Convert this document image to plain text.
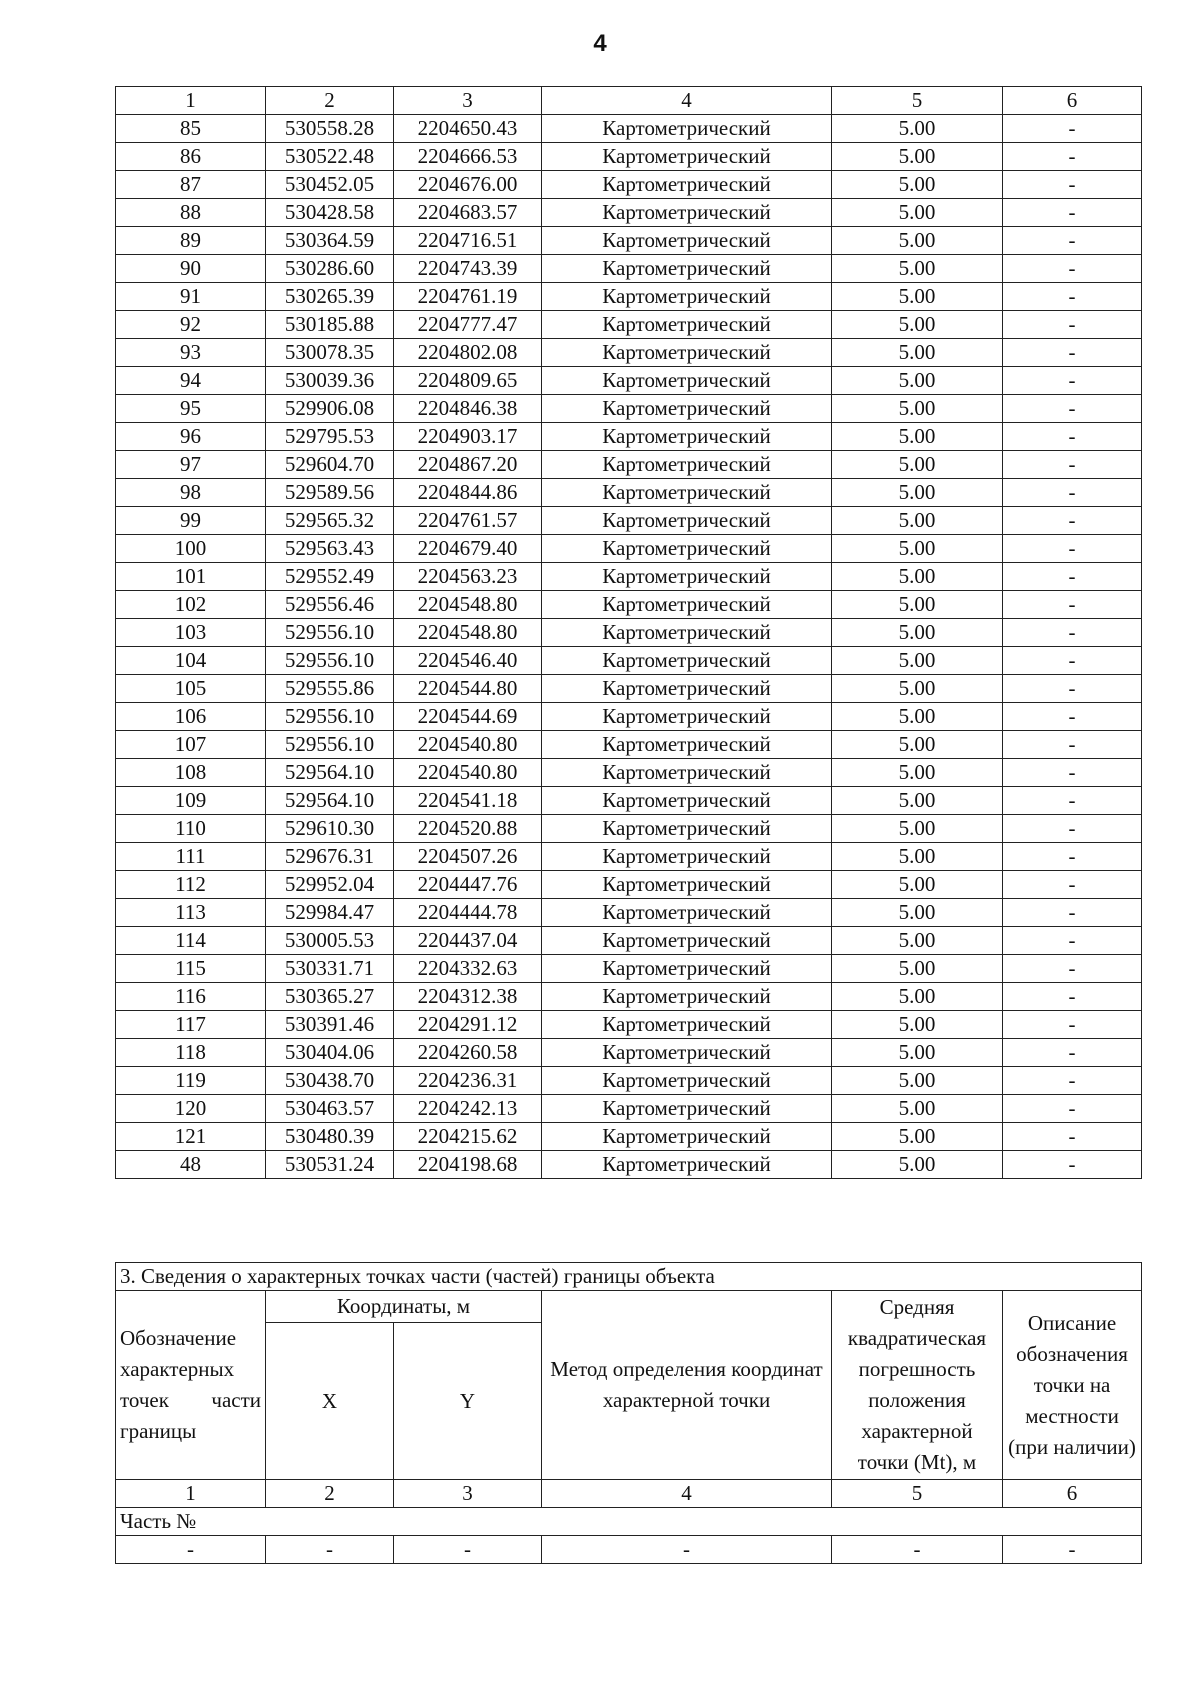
4
1	2	3	4	5	6
85	530558.28	2204650.43	Картометрический	5.00	-
86	530522.48	2204666.53	Картометрический	5.00	-
87	530452.05	2204676.00	Картометрический	5.00	-
88	530428.58	2204683.57	Картометрический	5.00	-
89	530364.59	2204716.51	Картометрический	5.00	-
90	530286.60	2204743.39	Картометрический	5.00	-
91	530265.39	2204761.19	Картометрический	5.00	-
92	530185.88	2204777.47	Картометрический	5.00	-
93	530078.35	2204802.08	Картометрический	5.00	-
94	530039.36	2204809.65	Картометрический	5.00	-
95	529906.08	2204846.38	Картометрический	5.00	-
96	529795.53	2204903.17	Картометрический	5.00	-
97	529604.70	2204867.20	Картометрический	5.00	-
98	529589.56	2204844.86	Картометрический	5.00	-
99	529565.32	2204761.57	Картометрический	5.00	-
100	529563.43	2204679.40	Картометрический	5.00	-
101	529552.49	2204563.23	Картометрический	5.00	-
102	529556.46	2204548.80	Картометрический	5.00	-
103	529556.10	2204548.80	Картометрический	5.00	-
104	529556.10	2204546.40	Картометрический	5.00	-
105	529555.86	2204544.80	Картометрический	5.00	-
106	529556.10	2204544.69	Картометрический	5.00	-
107	529556.10	2204540.80	Картометрический	5.00	-
108	529564.10	2204540.80	Картометрический	5.00	-
109	529564.10	2204541.18	Картометрический	5.00	-
110	529610.30	2204520.88	Картометрический	5.00	-
111	529676.31	2204507.26	Картометрический	5.00	-
112	529952.04	2204447.76	Картометрический	5.00	-
113	529984.47	2204444.78	Картометрический	5.00	-
114	530005.53	2204437.04	Картометрический	5.00	-
115	530331.71	2204332.63	Картометрический	5.00	-
116	530365.27	2204312.38	Картометрический	5.00	-
117	530391.46	2204291.12	Картометрический	5.00	-
118	530404.06	2204260.58	Картометрический	5.00	-
119	530438.70	2204236.31	Картометрический	5.00	-
120	530463.57	2204242.13	Картометрический	5.00	-
121	530480.39	2204215.62	Картометрический	5.00	-
48	530531.24	2204198.68	Картометрический	5.00	-
3. Сведения о характерных точках части (частей) границы объекта					
Обозначение характерных точек части границы	Координаты, м		Метод определения координат характерной точки	Средняя квадратическая погрешность положения характерной точки (Mt), м	Описание обозначения точки на местности (при наличии)
	X	Y			
1	2	3	4	5	6
Часть №					
-	-	-	-	-	-
